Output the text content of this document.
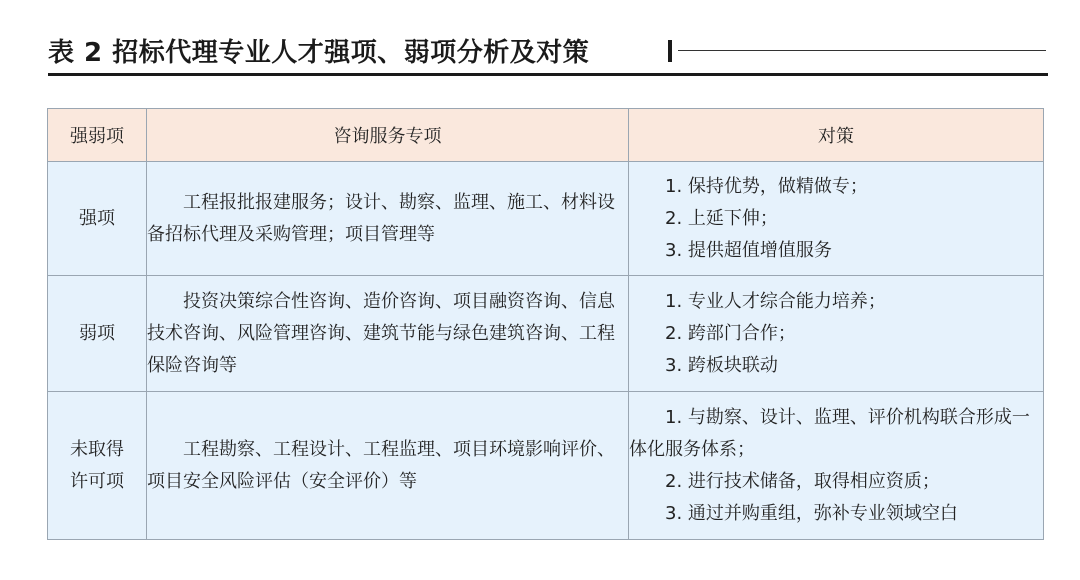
表 2 招标代理专业人才强项、弱项分析及对策
强弱项	咨询服务专项	对策
强项	工程报批报建服务；设计、勘察、监理、施工、材料设备招标代理及采购管理；项目管理等	1. 保持优势，做精做专；
2. 上延下伸；
3. 提供超值增值服务

弱项	投资决策综合性咨询、造价咨询、项目融资咨询、信息技术咨询、风险管理咨询、建筑节能与绿色建筑咨询、工程保险咨询等	1. 专业人才综合能力培养；
2. 跨部门合作；
3. 跨板块联动

未取得许可项	工程勘察、工程设计、工程监理、项目环境影响评价、项目安全风险评估（安全评价）等	1. 与勘察、设计、监理、评价机构联合形成一体化服务体系；
2. 进行技术储备，取得相应资质；
3. 通过并购重组，弥补专业领域空白
